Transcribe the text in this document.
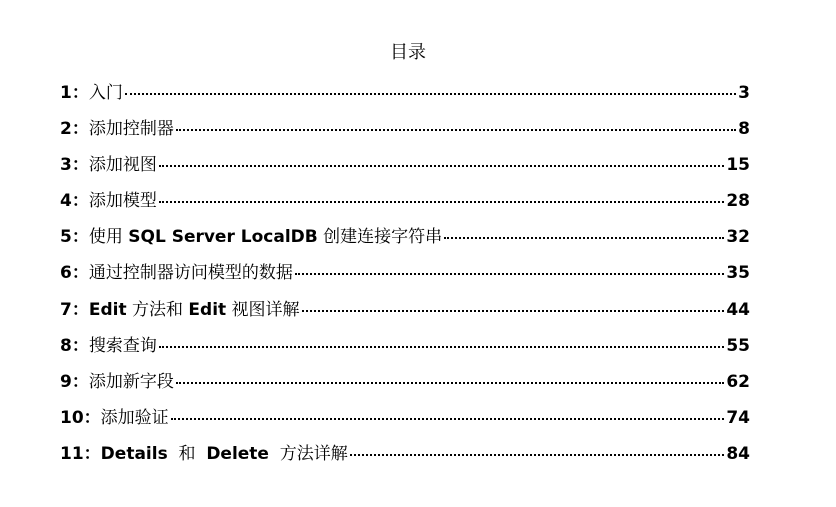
目录
1： 入门	3
2： 添加控制器	8
3： 添加视图	15
4： 添加模型	28
5： 使用 SQL Server LocalDB 创建连接字符串	32
6： 通过控制器访问模型的数据	35
7： Edit 方法和 Edit 视图详解	44
8： 搜索查询	55
9： 添加新字段	62
10： 添加验证	74
11： Details  和  Delete  方法详解	84
